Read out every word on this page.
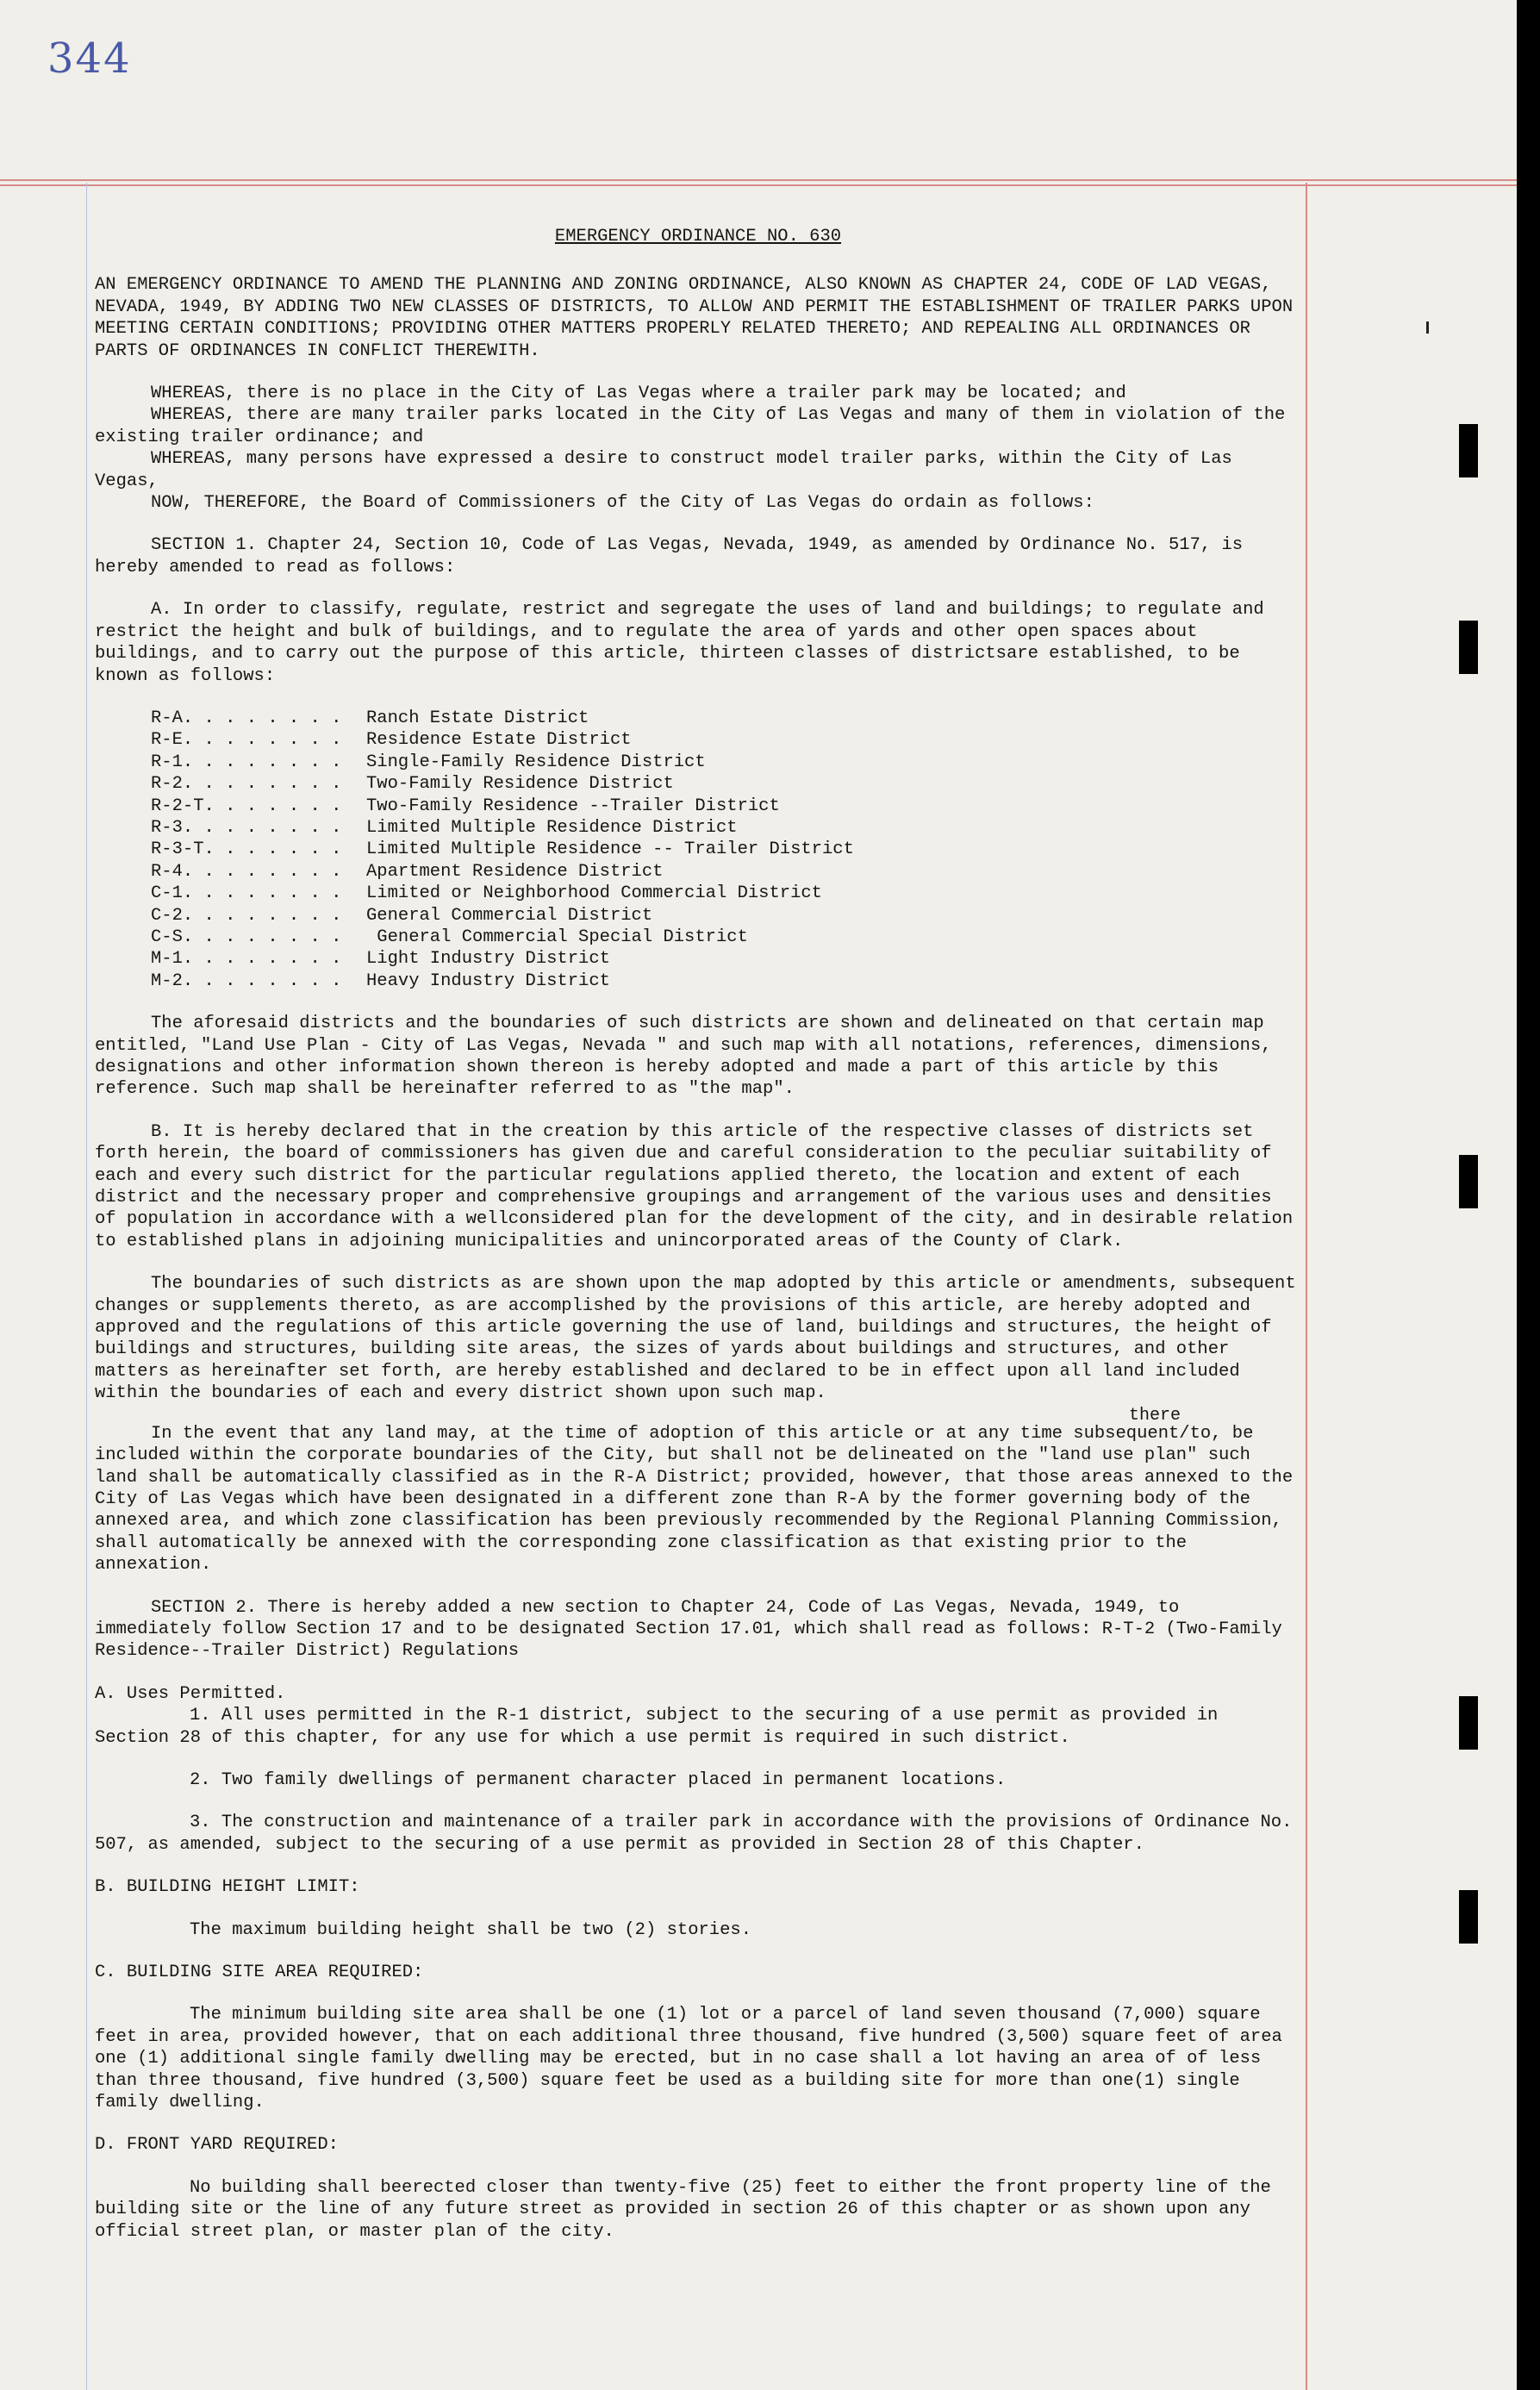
344

EMERGENCY ORDINANCE NO. 630

AN EMERGENCY ORDINANCE TO AMEND THE PLANNING AND ZONING ORDINANCE, ALSO KNOWN AS CHAPTER 24, CODE OF LAD VEGAS, NEVADA, 1949, BY ADDING TWO NEW CLASSES OF DISTRICTS, TO ALLOW AND PERMIT THE ESTABLISHMENT OF TRAILER PARKS UPON MEETING CERTAIN CONDITIONS; PROVIDING OTHER MATTERS PROPERLY RELATED THERETO; AND REPEALING ALL ORDINANCES OR PARTS OF ORDINANCES IN CONFLICT THEREWITH.

WHEREAS, there is no place in the City of Las Vegas where a trailer park may be located; and

WHEREAS, there are many trailer parks located in the City of Las Vegas and many of them in violation of the existing trailer ordinance; and

WHEREAS, many persons have expressed a desire to construct model trailer parks, within the City of Las Vegas,

NOW, THEREFORE, the Board of Commissioners of the City of Las Vegas do ordain as follows:

SECTION 1. Chapter 24, Section 10, Code of Las Vegas, Nevada, 1949, as amended by Ordinance No. 517, is hereby amended to read as follows:

A. In order to classify, regulate, restrict and segregate the uses of land and buildings; to regulate and restrict the height and bulk of buildings, and to regulate the area of yards and other open spaces about buildings, and to carry out the purpose of this article, thirteen classes of districtsare established, to be known as follows:

R-A. . . . . . . .	Ranch Estate District
R-E. . . . . . . .	Residence Estate District
R-1. . . . . . . .	Single-Family Residence District
R-2. . . . . . . .	Two-Family Residence District
R-2-T. . . . . . .	Two-Family Residence --Trailer District
R-3. . . . . . . .	Limited Multiple Residence District
R-3-T. . . . . . .	Limited Multiple Residence -- Trailer District
R-4. . . . . . . .	Apartment Residence District
C-1. . . . . . . .	Limited or Neighborhood Commercial District
C-2. . . . . . . .	General Commercial District
C-S. . . . . . . .	General Commercial Special District
M-1. . . . . . . .	Light Industry District
M-2. . . . . . . .	Heavy Industry District

The aforesaid districts and the boundaries of such districts are shown and delineated on that certain map entitled, "Land Use Plan - City of Las Vegas, Nevada " and such map with all notations, references, dimensions, designations and other information shown thereon is hereby adopted and made a part of this article by this reference. Such map shall be hereinafter referred to as "the map".

B. It is hereby declared that in the creation by this article of the respective classes of districts set forth herein, the board of commissioners has given due and careful consideration to the peculiar suitability of each and every such district for the particular regulations applied thereto, the location and extent of each district and the necessary proper and comprehensive groupings and arrangement of the various uses and densities of population in accordance with a wellconsidered plan for the development of the city, and in desirable relation to established plans in adjoining municipalities and unincorporated areas of the County of Clark.

The boundaries of such districts as are shown upon the map adopted by this article or amendments, subsequent changes or supplements thereto, as are accomplished by the provisions of this article, are hereby adopted and approved and the regulations of this article governing the use of land, buildings and structures, the height of buildings and structures, building site areas, the sizes of yards about buildings and structures, and other matters as hereinafter set forth, are hereby established and declared to be in effect upon all land included within the boundaries of each and every district shown upon such map.

there

In the event that any land may, at the time of adoption of this article or at any time subsequent/to, be included within the corporate boundaries of the City, but shall not be delineated on the "land use plan" such land shall be automatically classified as in the R-A District; provided, however, that those areas annexed to the City of Las Vegas which have been designated in a different zone than R-A by the former governing body of the annexed area, and which zone classification has been previously recommended by the Regional Planning Commission, shall automatically be annexed with the corresponding zone classification as that existing prior to the annexation.

SECTION 2. There is hereby added a new section to Chapter 24, Code of Las Vegas, Nevada, 1949, to immediately follow Section 17 and to be designated Section 17.01, which shall read as follows: R-T-2 (Two-Family Residence--Trailer District) Regulations

A. Uses Permitted.

1. All uses permitted in the R-1 district, subject to the securing of a use permit as provided in Section 28 of this chapter, for any use for which a use permit is required in such district.

2. Two family dwellings of permanent character placed in permanent locations.

3. The construction and maintenance of a trailer park in accordance with the provisions of Ordinance No. 507, as amended, subject to the securing of a use permit as provided in Section 28 of this Chapter.

B. BUILDING HEIGHT LIMIT:

The maximum building height shall be two (2) stories.

C. BUILDING SITE AREA REQUIRED:

The minimum building site area shall be one (1) lot or a parcel of land seven thousand (7,000) square feet in area, provided however, that on each additional three thousand, five hundred (3,500) square feet of area one (1) additional single family dwelling may be erected, but in no case shall a lot having an area of of less than three thousand, five hundred (3,500) square feet be used as a building site for more than one(1) single family dwelling.

D. FRONT YARD REQUIRED:

No building shall beerected closer than twenty-five (25) feet to either the front property line of the building site or the line of any future street as provided in section 26 of this chapter or as shown upon any official street plan, or master plan of the city.
